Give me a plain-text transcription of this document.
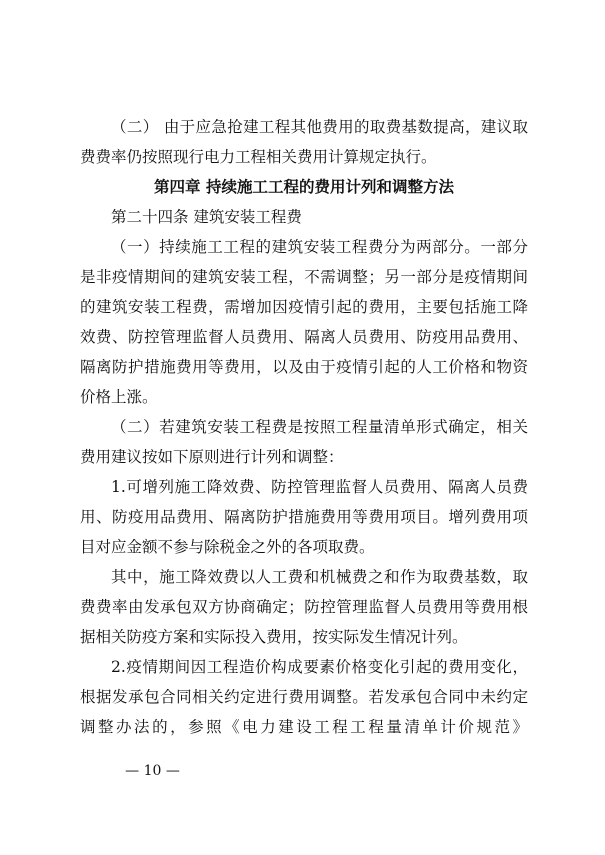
（二） 由于应急抢建工程其他费用的取费基数提高，建议取
费费率仍按照现行电力工程相关费用计算规定执行。
第四章 持续施工工程的费用计列和调整方法
第二十四条 建筑安装工程费
（一）持续施工工程的建筑安装工程费分为两部分。一部分
是非疫情期间的建筑安装工程，不需调整；另一部分是疫情期间
的建筑安装工程费，需增加因疫情引起的费用，主要包括施工降
效费、防控管理监督人员费用、隔离人员费用、防疫用品费用、
隔离防护措施费用等费用，以及由于疫情引起的人工价格和物资
价格上涨。
（二）若建筑安装工程费是按照工程量清单形式确定，相关
费用建议按如下原则进行计列和调整：
1.可增列施工降效费、防控管理监督人员费用、隔离人员费
用、防疫用品费用、隔离防护措施费用等费用项目。增列费用项
目对应金额不参与除税金之外的各项取费。
其中，施工降效费以人工费和机械费之和作为取费基数，取
费费率由发承包双方协商确定；防控管理监督人员费用等费用根
据相关防疫方案和实际投入费用，按实际发生情况计列。
2.疫情期间因工程造价构成要素价格变化引起的费用变化，
根据发承包合同相关约定进行费用调整。若发承包合同中未约定
调整办法的，参照《电力建设工程工程量清单计价规范》
— 10 —
